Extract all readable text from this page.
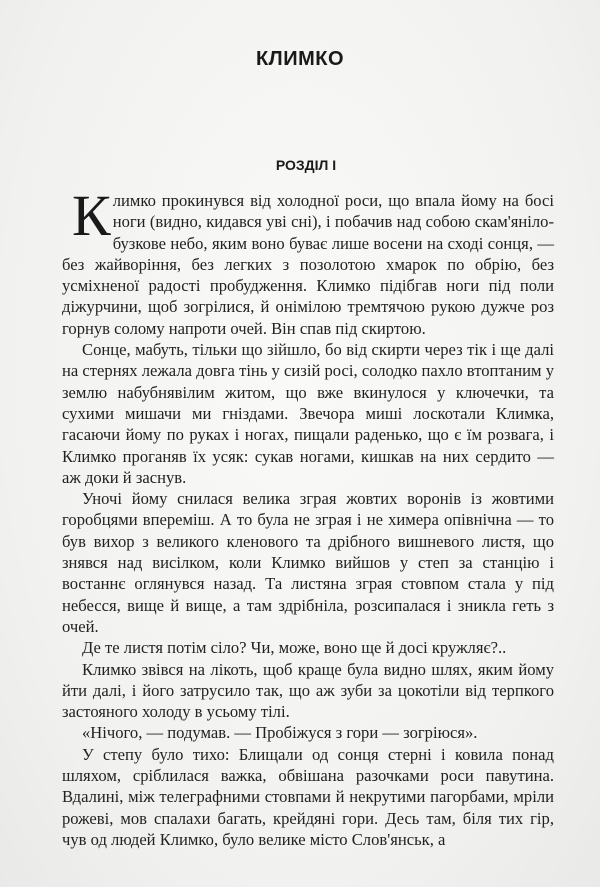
КЛИМКО
РОЗДІЛ І

Климко прокинувся від холодної роси, що впала йому на босі ноги (видно, кидався уві сні), і побачив над собою скам'яніло-бузкове небо, яким воно буває лише восени на сході сонця, — без жайворіння, без легких з позолотою хмарок по обрію, без усміхненої радості пробудження. Климко підібгав ноги під поли діжурчини, щоб зогрілися, й онімілою тремтячою рукою дужче роз горнув солому напроти очей. Він спав під скиртою.

Сонце, мабуть, тільки що зійшло, бо від скирти через тік і ще далі на стернях лежала довга тінь у сизій росі, солодко пахло втоптаним у землю набубнявілим житом, що вже вкинулося у ключечки, та сухими мишачи ми гніздами. Звечора миші лоскотали Климка, гасаючи йому по руках і ногах, пищали раденько, що є їм розвага, і Климко проганяв їх усяк: сукав ногами, кишкав на них сердито — аж доки й заснув.

Уночі йому снилася велика зграя жовтих воронів із жовтими горобцями впереміш. А то була не зграя і не химера опівнічна — то був вихор з великого кленового та дрібного вишневого листя, що знявся над висілком, коли Климко вийшов у степ за станцію і востаннє оглянувся назад. Та листяна зграя стовпом стала у під небесся, вище й вище, а там здрібніла, розсипалася і зникла геть з очей.

Де те листя потім сіло? Чи, може, воно ще й досі кружляє?..

Климко звівся на лікоть, щоб краще була видно шлях, яким йому йти далі, і його затрусило так, що аж зуби за цокотіли від терпкого застояного холоду в усьому тілі.

«Нічого, — подумав. — Пробіжуся з гори — зогріюся».

У степу було тихо: Блищали од сонця стерні і ковила понад шляхом, сріблилася важка, обвішана разочками роси павутина. Вдалині, між телеграфними стовпами й некрутими пагорбами, мріли рожеві, мов спалахи багать, крейдяні гори. Десь там, біля тих гір, чув од людей Климко, було велике місто Слов'янськ, а
